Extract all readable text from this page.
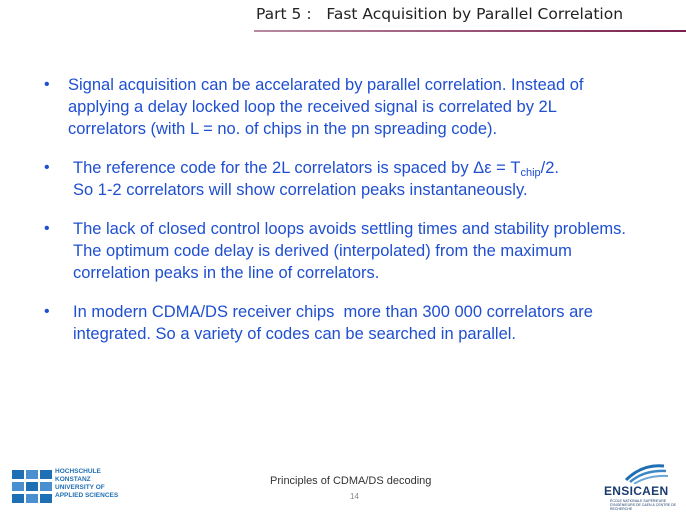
Part 5 : Fast Acquisition by Parallel Correlation
• Signal acquisition can be accelarated by parallel correlation. Instead of
applying a delay locked loop the received signal is correlated by 2L
correlators (with L = no. of chips in the pn spreading code).
• The reference code for the 2L correlators is spaced by $\Delta\varepsilon = T_{chip}/2$.
So 1-2 correlators will show correlation peaks instantaneously.
• The lack of closed control loops avoids settling times and stability problems.
The optimum code delay is derived (interpolated) from the maximum
correlation peaks in the line of correlators.
• In modern CDMA/DS receiver chips  more than 300 000 correlators are
integrated. So a variety of codes can be searched in parallel.
Principles of CDMA/DS decoding
14
HOCHSCHULE
KONSTANZ
UNIVERSITY OF
APPLIED SCIENCES	ENSICAEN
ÉCOLE NATIONALE SUPÉRIEURE D'INGÉNIEURS DE CAEN & CENTRE DE RECHERCHE
